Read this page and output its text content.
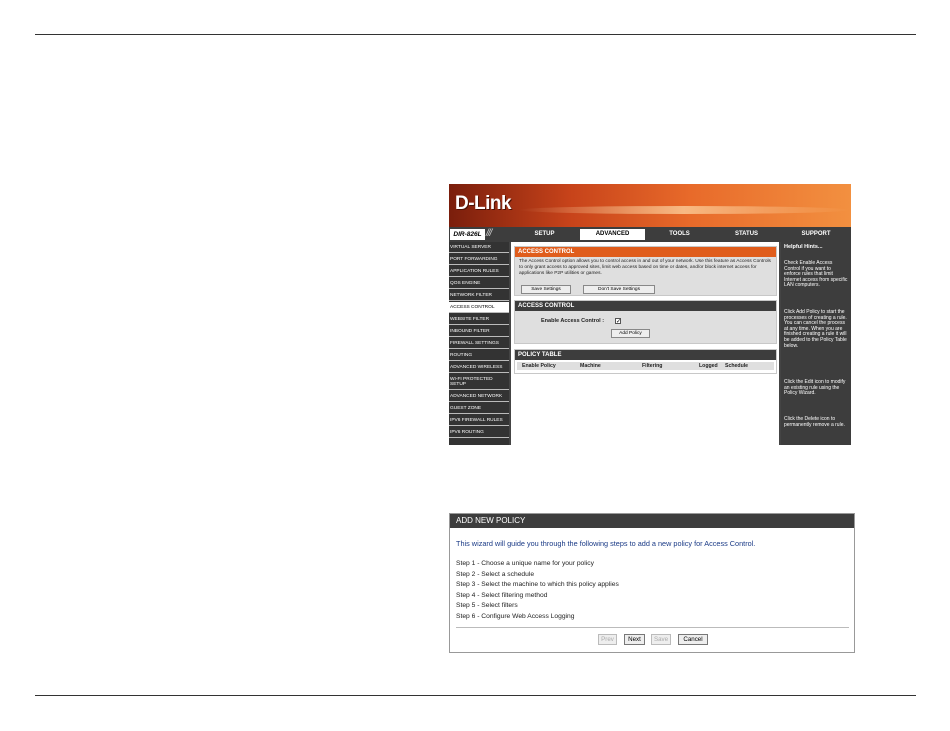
D-Link
DIR-826L ///	SETUP	ADVANCED	TOOLS	STATUS	SUPPORT
VIRTUAL SERVER
PORT FORWARDING
APPLICATION RULES
QOS ENGINE
NETWORK FILTER
ACCESS CONTROL
WEBSITE FILTER
INBOUND FILTER
FIREWALL SETTINGS
ROUTING
ADVANCED WIRELESS
WI-FI PROTECTED SETUP
ADVANCED NETWORK
GUEST ZONE
IPV6 FIREWALL RULES
IPV6 ROUTING
ACCESS CONTROL
The Access Control option allows you to control access in and out of your network. Use this feature as Access Controls to only grant access to approved sites, limit web access based on time or dates, and/or block internet access for applications like P2P utilities or games.
Save Settings	Don't Save Settings
ACCESS CONTROL
Enable Access Control : ✓
Add Policy
POLICY TABLE
Enable Policy	Machine	Filtering	Logged Schedule
Helpful Hints...
Check Enable Access Control if you want to enforce rules that limit Internet access from specific LAN computers.
Click Add Policy to start the processes of creating a rule. You can cancel the process at any time. When you are finished creating a rule it will be added to the Policy Table below.
Click the Edit icon to modify an existing rule using the Policy Wizard.
Click the Delete icon to permanently remove a rule.
ADD NEW POLICY
This wizard will guide you through the following steps to add a new policy for Access Control.
Step 1 - Choose a unique name for your policy
Step 2 - Select a schedule
Step 3 - Select the machine to which this policy applies
Step 4 - Select filtering method
Step 5 - Select filters
Step 6 - Configure Web Access Logging
Prev	Next	Save	Cancel
